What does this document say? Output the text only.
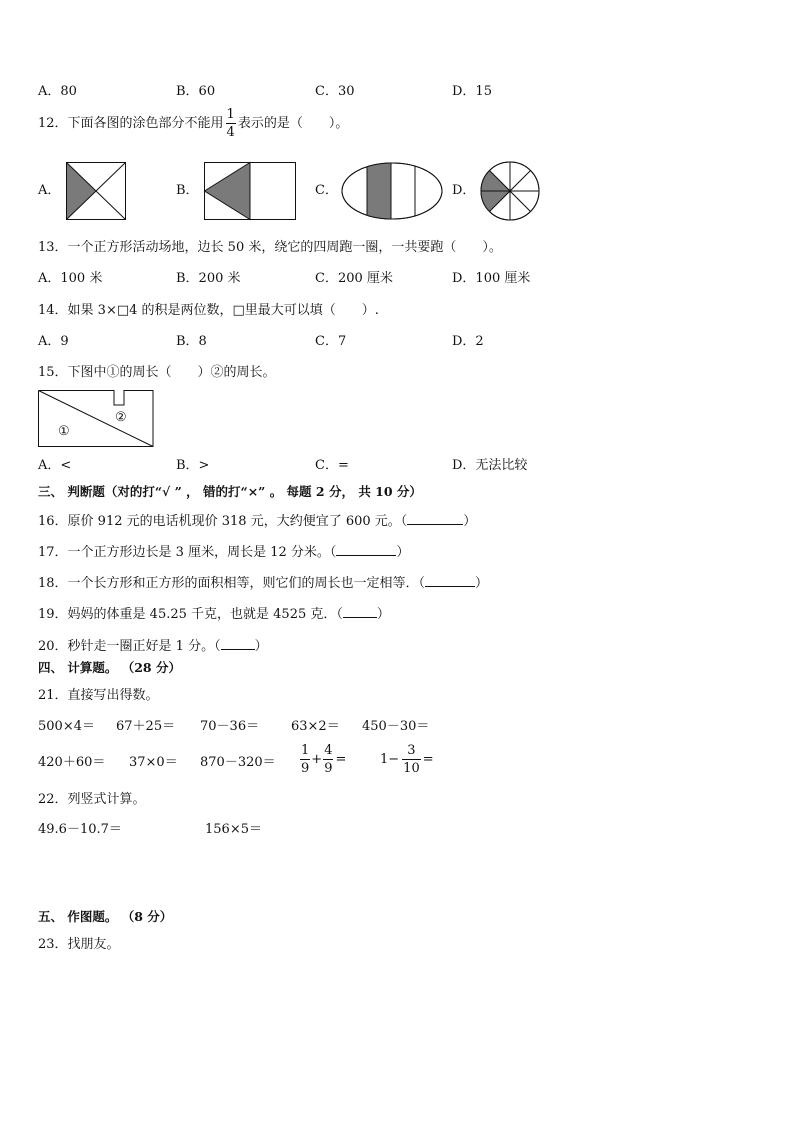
A．80	B．60	C．30	D．15
12．下面各图的涂色部分不能用 $\frac{1}{4}$ 表示的是（　　）。
A．	B．	C．	D．
13．一个正方形活动场地，边长 50 米，绕它的四周跑一圈，一共要跑（　　）。
A．100 米	B．200 米	C．200 厘米	D．100 厘米
14．如果 3×□4 的积是两位数，□里最大可以填（　　）.
A．9	B．8	C．7	D．2
15．下图中①的周长（　　）②的周长。
①
②
A．<	B．>	C．=	D．无法比较
三、 判断题（对的打“√ ” ， 错的打“×” 。 每题 2 分， 共 10 分）
16．原价 912 元的电话机现价 318 元，大约便宜了 600 元。（	）
17．一个正方形边长是 3 厘米，周长是 12 分米。（	）
18．一个长方形和正方形的面积相等，则它们的周长也一定相等．（	）
19．妈妈的体重是 45.25 千克，也就是 4525 克．（	）
20．秒针走一圈正好是 1 分。（	）
四、 计算题。 （28 分）
21．直接写出得数。
500×4＝ 67＋25＝ 70－36＝ 63×2＝ 450－30＝
$420+60= 37\times 0= 870-320= \frac{1}{9} + \frac{4}{9}$ =	$1- \frac{3}{10}$ =
22．列竖式计算。
49.6－10.7＝	156×5＝
五、 作图题。 （8 分）
23．找朋友。
